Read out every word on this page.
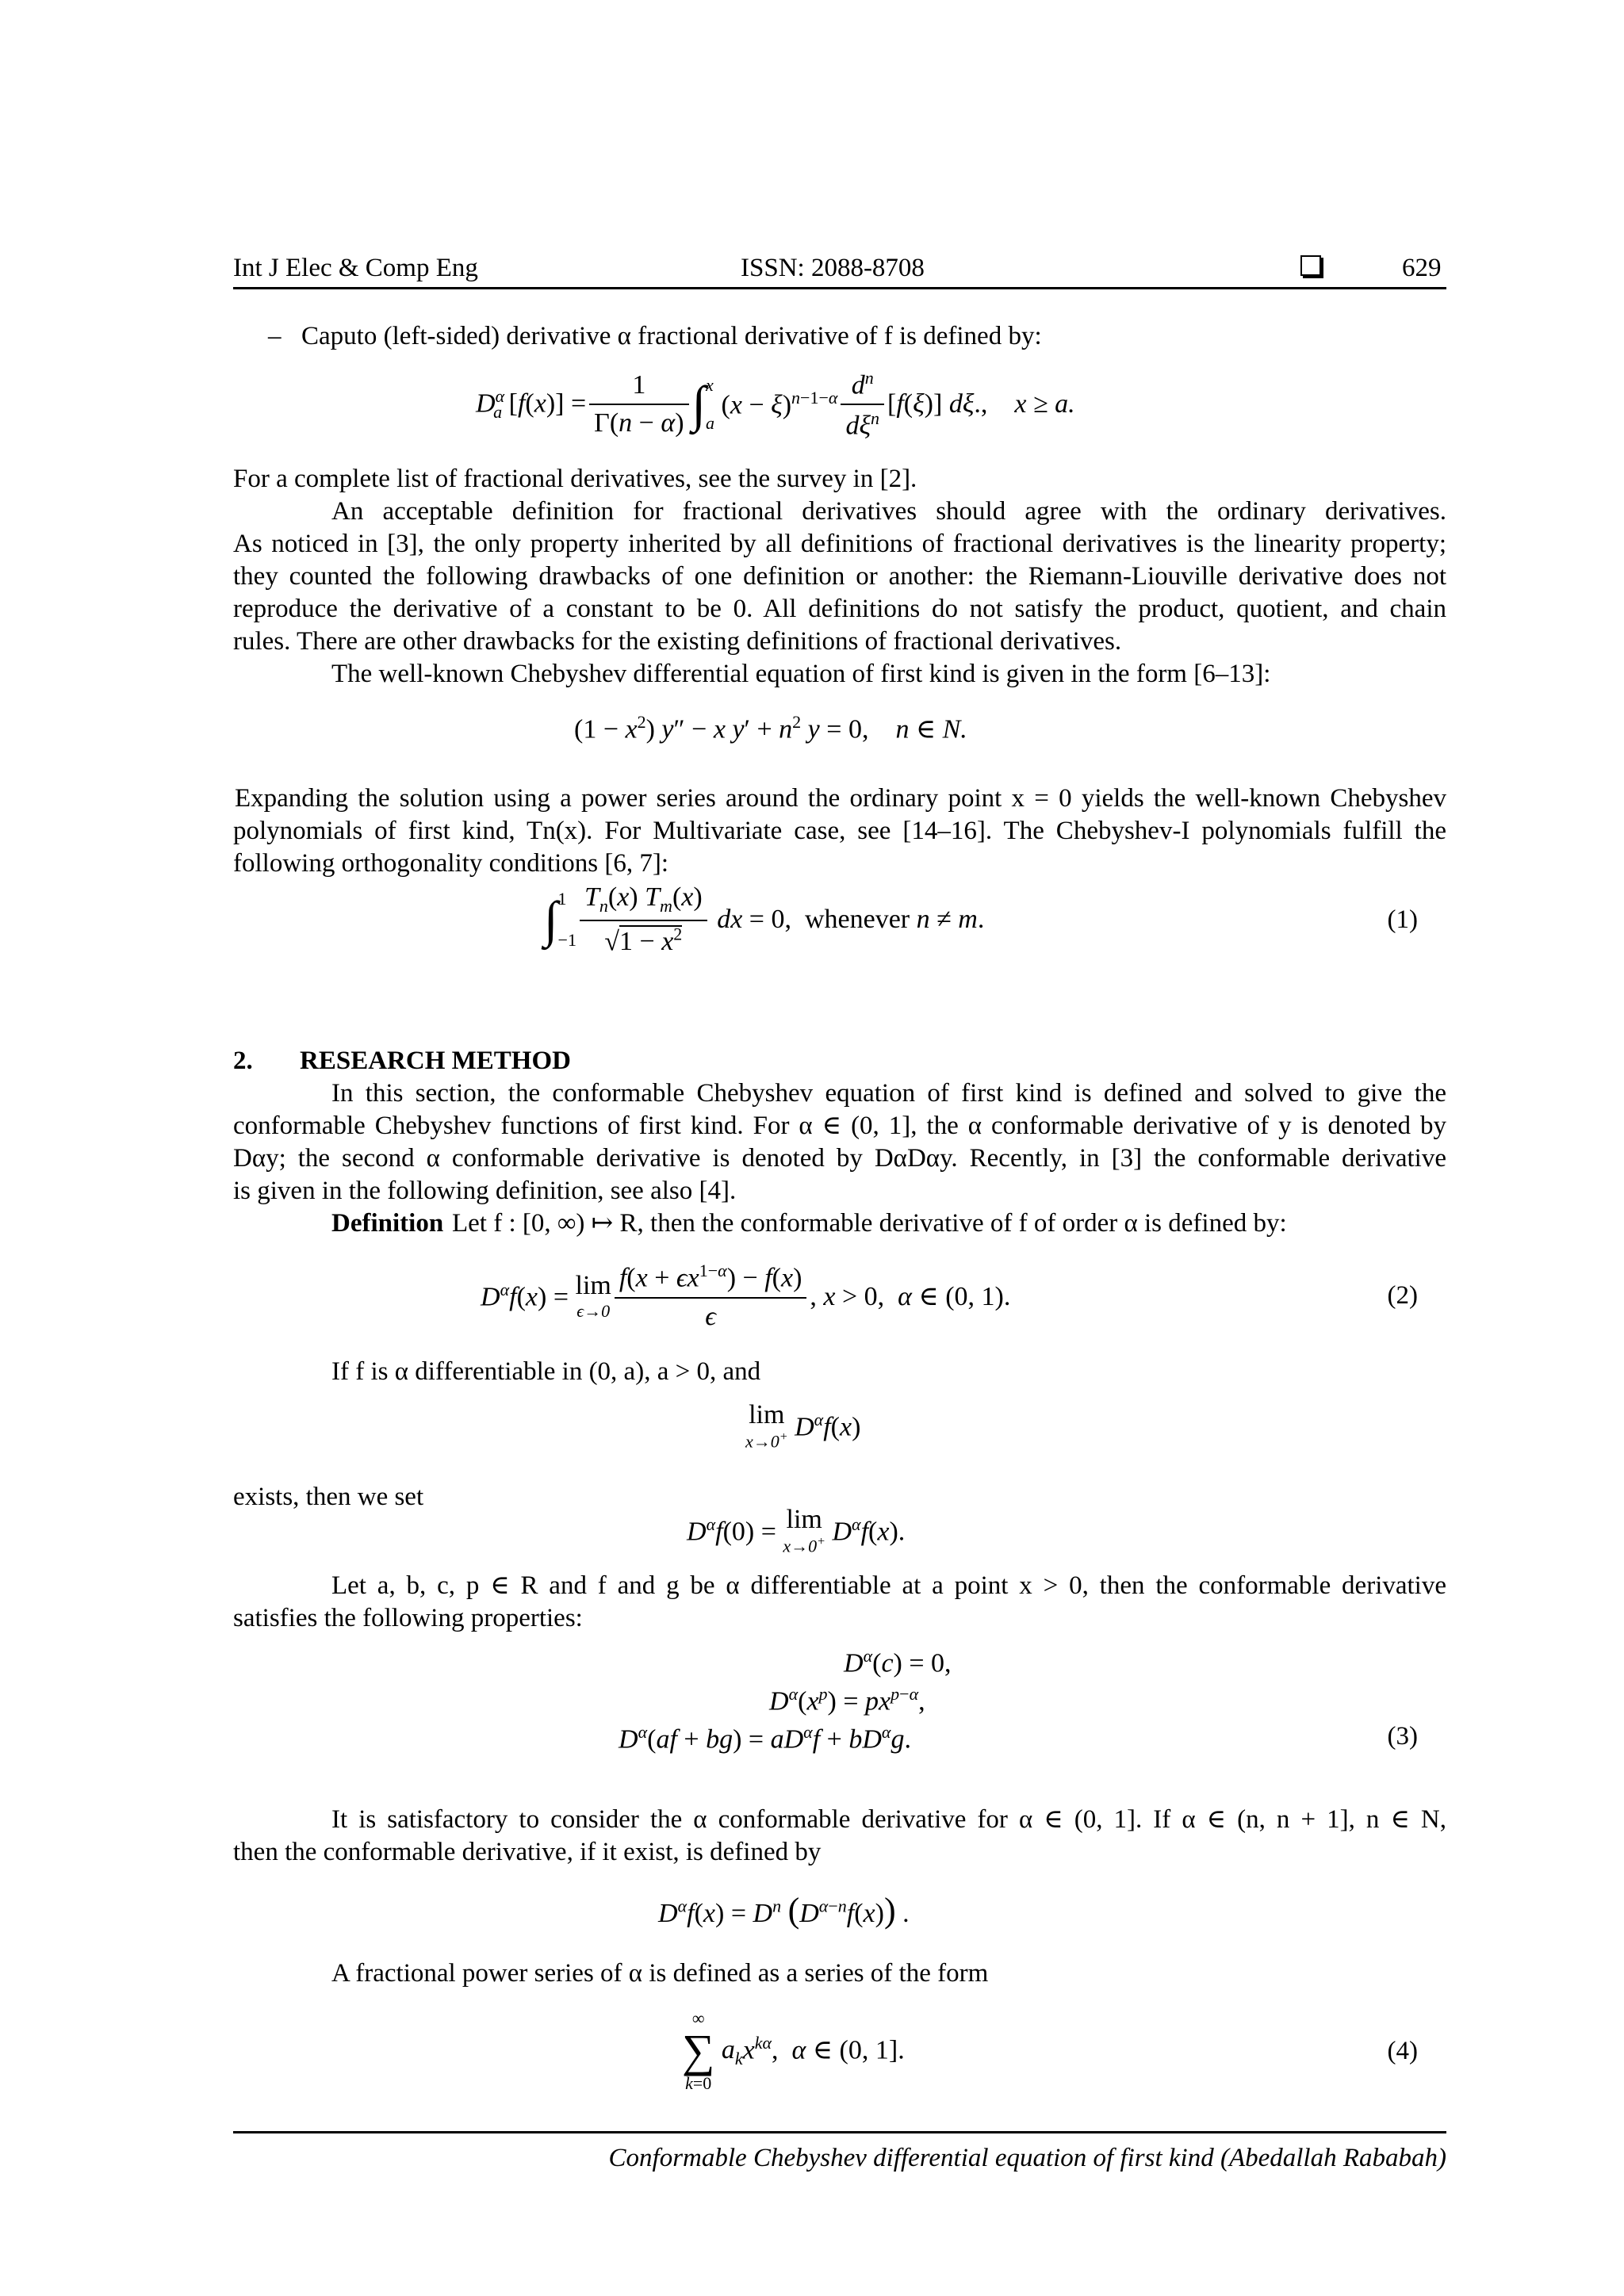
Int J Elec & Comp Eng	ISSN: 2088-8708	629
– Caputo (left-sided) derivative α fractional derivative of f is defined by:
$D^\alpha_a$ $[f(x)] = \frac{1}{\Gamma(n - \alpha)}$ ∫ x
a
$(x - \xi)^{n-1-\alpha} \frac{d^n}{d\xi^n} [f(\xi)]$ dξ., x ≥ a.
For a complete list of fractional derivatives, see the survey in [2].
An acceptable definition for fractional derivatives should agree with the ordinary derivatives.
As noticed in [3], the only property inherited by all definitions of fractional derivatives is the linearity property;
they counted the following drawbacks of one definition or another: the Riemann-Liouville derivative does not
reproduce the derivative of a constant to be 0. All definitions do not satisfy the product, quotient, and chain
rules. There are other drawbacks for the existing definitions of fractional derivatives.
The well-known Chebyshev differential equation of first kind is given in the form [6–13]:
$(1 - x^2)$ y″ − x $y' + n^2$ y = 0,    n ∈ N.
Expanding the solution using a power series around the ordinary point x = 0 yields the well-known Chebyshev
polynomials of first kind, Tn(x). For Multivariate case, see [14–16]. The Chebyshev-I polynomials fulfill the
following orthogonality conditions [6, 7]:
∫ 1
$-1 \frac{T_n(x) T_m(x)}{√1 - x^2}$ dx = 0, whenever n ≠ m.	(1)
2. RESEARCH METHOD
In this section, the conformable Chebyshev equation of first kind is defined and solved to give the
conformable Chebyshev functions of first kind. For α ∈ (0, 1], the α conformable derivative of y is denoted by
Dαy; the second α conformable derivative is denoted by DαDαy. Recently, in [3] the conformable derivative
is given in the following definition, see also [4].
Definition Let f : [0, ∞) ↦ R, then the conformable derivative of f of order α is defined by:
$D^\alpha f(x) = \lim$
$\epsilon\to 0 \frac{f(x + \epsilon x^{1-\alpha}) - f(x)}{\epsilon}$ , x > 0,  α ∈ (0, 1).	(2)
If f is α differentiable in (0, a), a > 0, and
lim
x→0+ $D^\alpha f(x)$
exists, then we set
$D^\alpha f(0) = \lim$
x→0+ $D^\alpha f(x)$.
Let a, b, c, p ∈ R and f and g be α differentiable at a point x > 0, then the conformable derivative
satisfies the following properties:
$D^\alpha(c) = 0$,
$D^\alpha(x^p) = px^{p-\alpha}$,
$D^\alpha(af + bg) = aD^\alpha f + bD^\alpha g$.	(3)
It is satisfactory to consider the α conformable derivative for α ∈ (0, 1]. If α ∈ (n, n + 1], n ∈ N,
then the conformable derivative, if it exist, is defined by
$D^\alpha f(x) = D^n$ $(D^{\alpha-n}f(x))$ .
A fractional power series of α is defined as a series of the form
∞
∑
k=0
$a_kx^{k\alpha}$,  α ∈ (0, 1].	(4)
Conformable Chebyshev differential equation of first kind (Abedallah Rababah)
